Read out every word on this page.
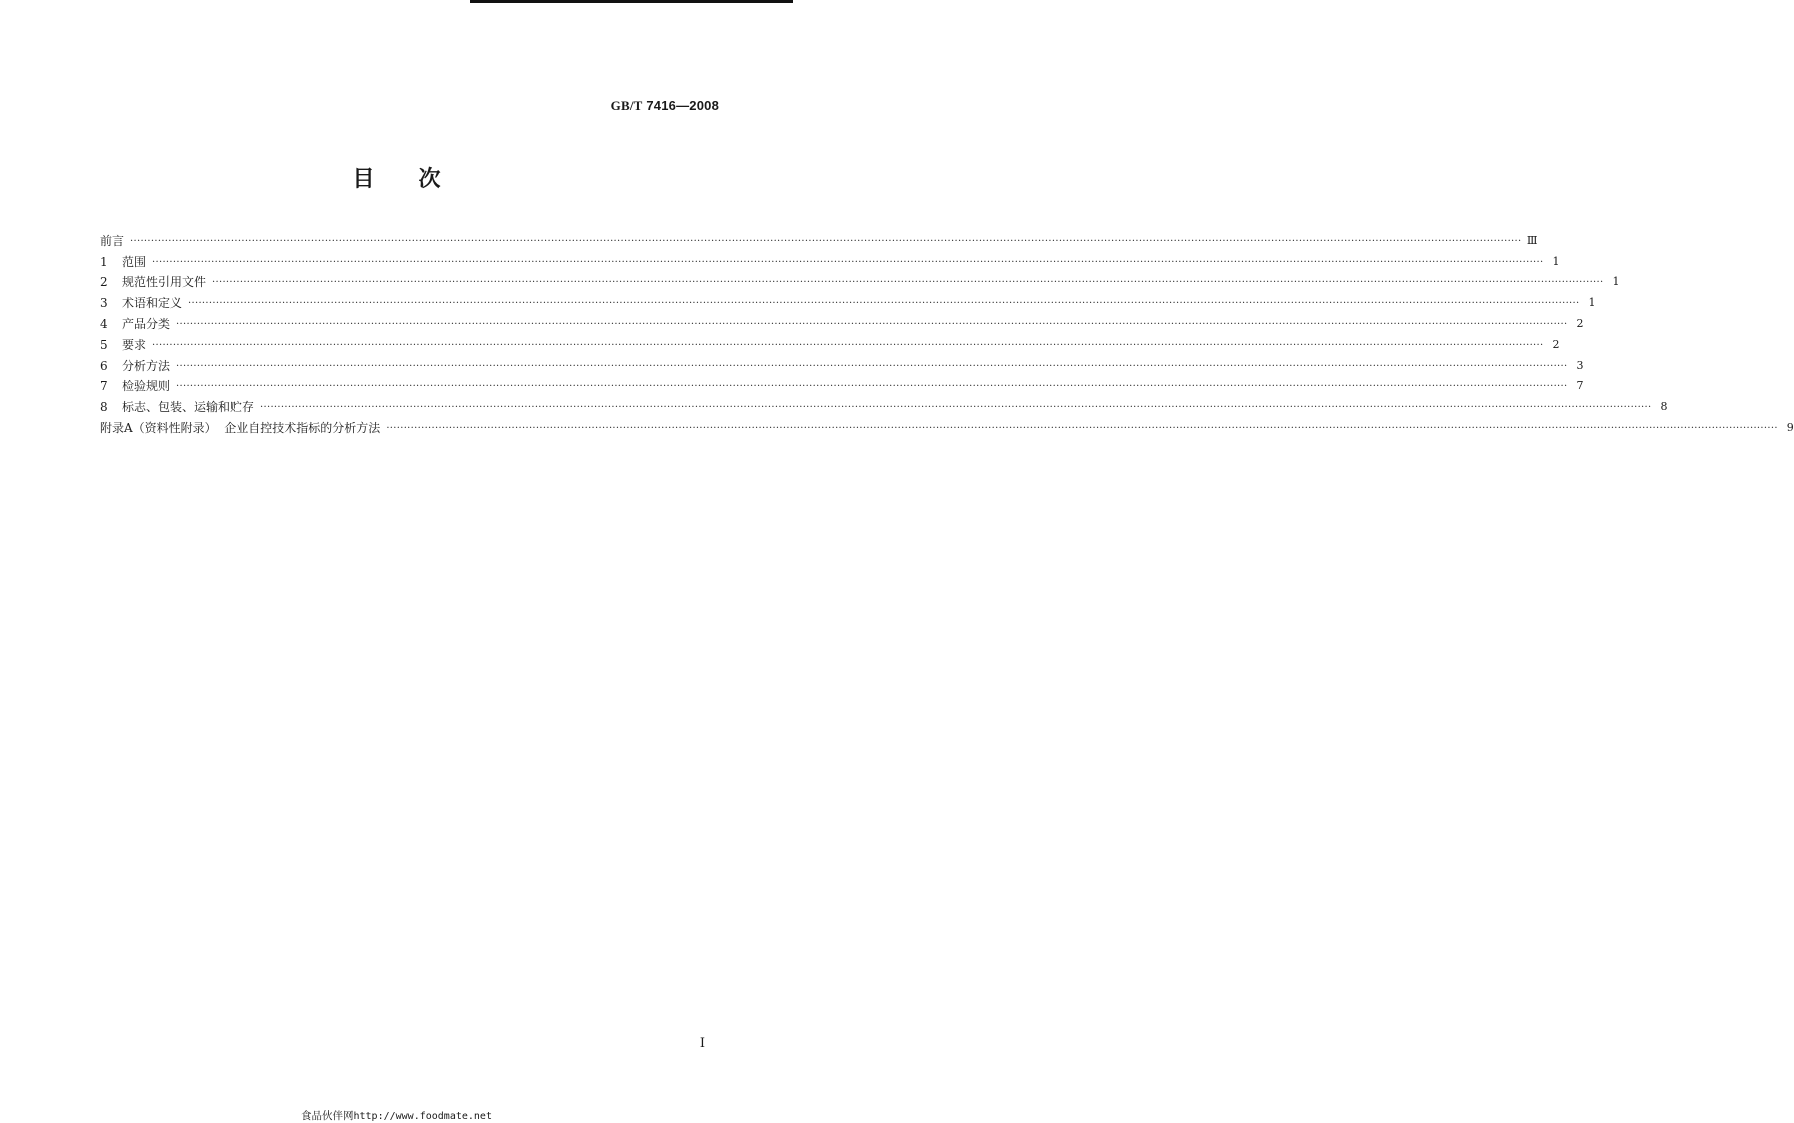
GB/T 7416—2008
目次
前言 ················································································································································································································································································································································································································ Ⅲ
1	范围 ················································································································································································································································································································································································································ 1
2	规范性引用文件 ················································································································································································································································································································································································································ 1
3	术语和定义 ················································································································································································································································································································································································································ 1
4	产品分类 ················································································································································································································································································································································································································ 2
5	要求 ················································································································································································································································································································································································································ 2
6	分析方法 ················································································································································································································································································································································································································ 3
7	检验规则 ················································································································································································································································································································································································································ 7
8	标志、包装、运输和贮存 ················································································································································································································································································································································································································ 8
附录A（资料性附录）  企业自控技术指标的分析方法 ················································································································································································································································································································································································································ 9
Ⅰ
食品伙伴网http://www.foodmate.net
